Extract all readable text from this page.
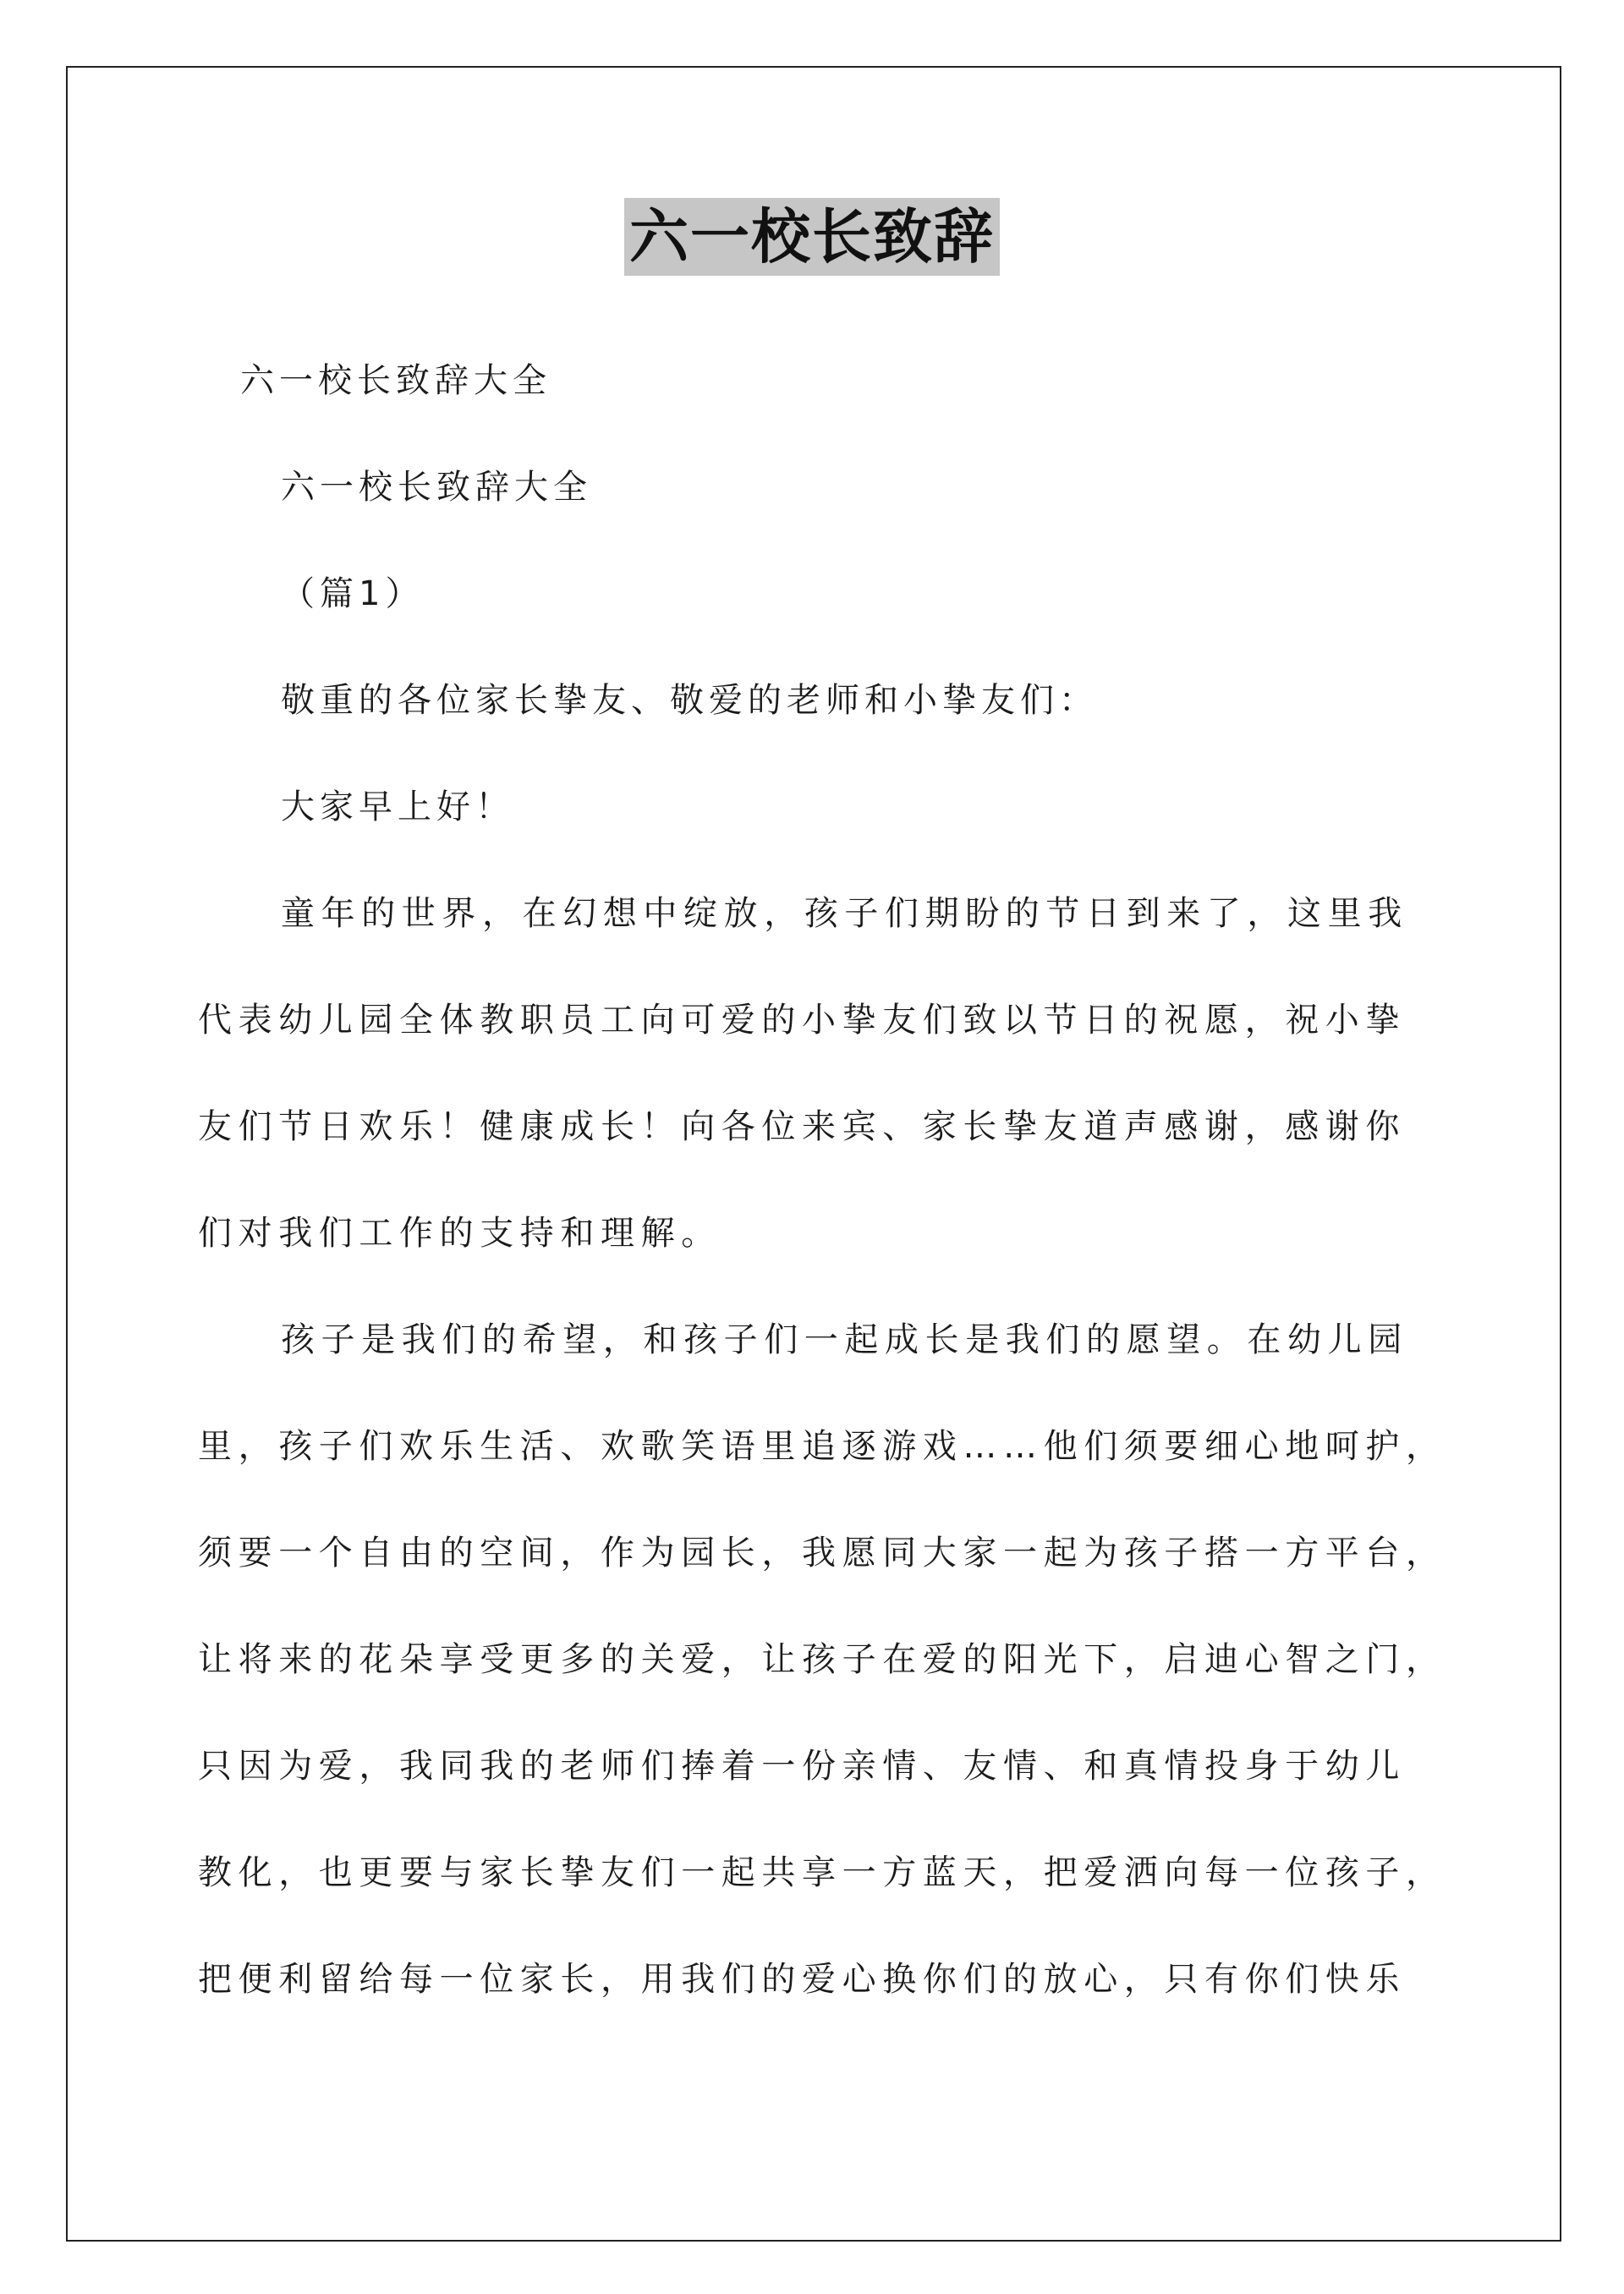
六一校长致辞
六一校长致辞大全
六一校长致辞大全
（篇1）
敬重的各位家长挚友、敬爱的老师和小挚友们：
大家早上好！
童年的世界，在幻想中绽放，孩子们期盼的节日到来了，这里我
代表幼儿园全体教职员工向可爱的小挚友们致以节日的祝愿，祝小挚
友们节日欢乐！健康成长！向各位来宾、家长挚友道声感谢，感谢你
们对我们工作的支持和理解。
孩子是我们的希望，和孩子们一起成长是我们的愿望。在幼儿园
里，孩子们欢乐生活、欢歌笑语里追逐游戏……他们须要细心地呵护，
须要一个自由的空间，作为园长，我愿同大家一起为孩子搭一方平台，
让将来的花朵享受更多的关爱，让孩子在爱的阳光下，启迪心智之门，
只因为爱，我同我的老师们捧着一份亲情、友情、和真情投身于幼儿
教化，也更要与家长挚友们一起共享一方蓝天，把爱洒向每一位孩子，
把便利留给每一位家长，用我们的爱心换你们的放心，只有你们快乐
